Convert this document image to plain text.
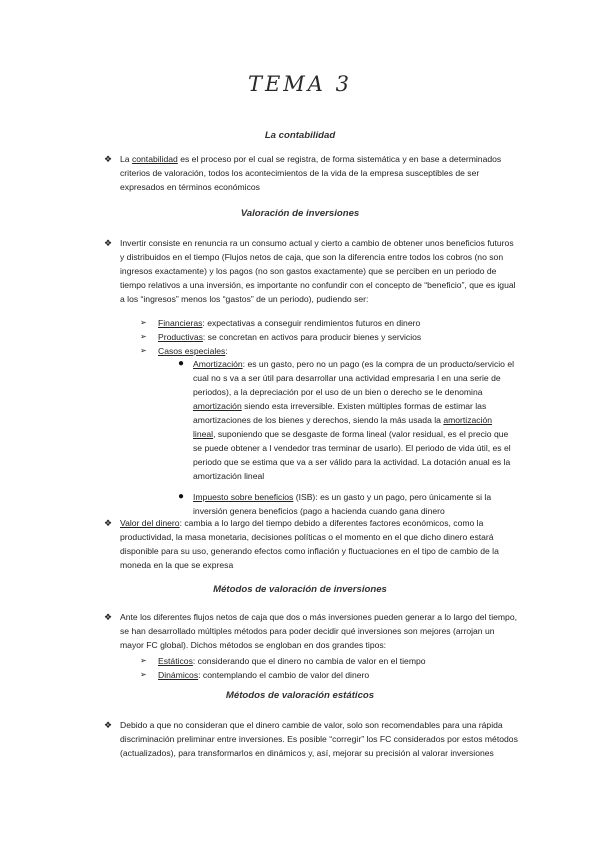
TEMA 3
La contabilidad
❖ La contabilidad es el proceso por el cual se registra, de forma sistemática y en base a determinados criterios de valoración, todos los acontecimientos de la vida de la empresa susceptibles de ser expresados en términos económicos
Valoración de inversiones
❖ Invertir consiste en renuncia ra un consumo actual y cierto a cambio de obtener unos beneficios futuros y distribuidos en el tiempo (Flujos netos de caja, que son la diferencia entre todos los cobros (no son ingresos exactamente) y los pagos (no son gastos exactamente) que se perciben en un periodo de tiempo relativos a una inversión, es importante no confundir con el concepto de “beneficio”, que es igual a los “ingresos” menos los “gastos” de un periodo), pudiendo ser:
➢ Financieras: expectativas a conseguir rendimientos futuros en dinero
➢ Productivas: se concretan en activos para producir bienes y servicios
➢ Casos especiales:
● Amortización: es un gasto, pero no un pago (es la compra de un producto/servicio el cual no s va a ser útil para desarrollar una actividad empresaria l en una serie de periodos), a la depreciación por el uso de un bien o derecho se le denomina amortización siendo esta irreversible. Existen múltiples formas de estimar las amortizaciones de los bienes y derechos, siendo la más usada la amortización lineal, suponiendo que se desgaste de forma lineal (valor residual, es el precio que se puede obtener a l vendedor tras terminar de usarlo). El periodo de vida útil, es el periodo que se estima que va a ser válido para la actividad. La dotación anual es la amortización lineal
● Impuesto sobre beneficios (ISB): es un gasto y un pago, pero únicamente si la inversión genera beneficios (pago a hacienda cuando gana dinero
❖ Valor del dinero: cambia a lo largo del tiempo debido a diferentes factores económicos, como la productividad, la masa monetaria, decisiones políticas o el momento en el que dicho dinero estará disponible para su uso, generando efectos como inflación y fluctuaciones en el tipo de cambio de la moneda en la que se expresa
Métodos de valoración de inversiones
❖ Ante los diferentes flujos netos de caja que dos o más inversiones pueden generar a lo largo del tiempo, se han desarrollado múltiples métodos para poder decidir qué inversiones son mejores (arrojan un mayor FC global). Dichos métodos se engloban en dos grandes tipos:
➢ Estáticos: considerando que el dinero no cambia de valor en el tiempo
➢ Dinámicos: contemplando el cambio de valor del dinero
Métodos de valoración estáticos
❖ Debido a que no consideran que el dinero cambie de valor, solo son recomendables para una rápida discriminación preliminar entre inversiones. Es posible “corregir” los FC considerados por estos métodos (actualizados), para transformarlos en dinámicos y, así, mejorar su precisión al valorar inversiones
